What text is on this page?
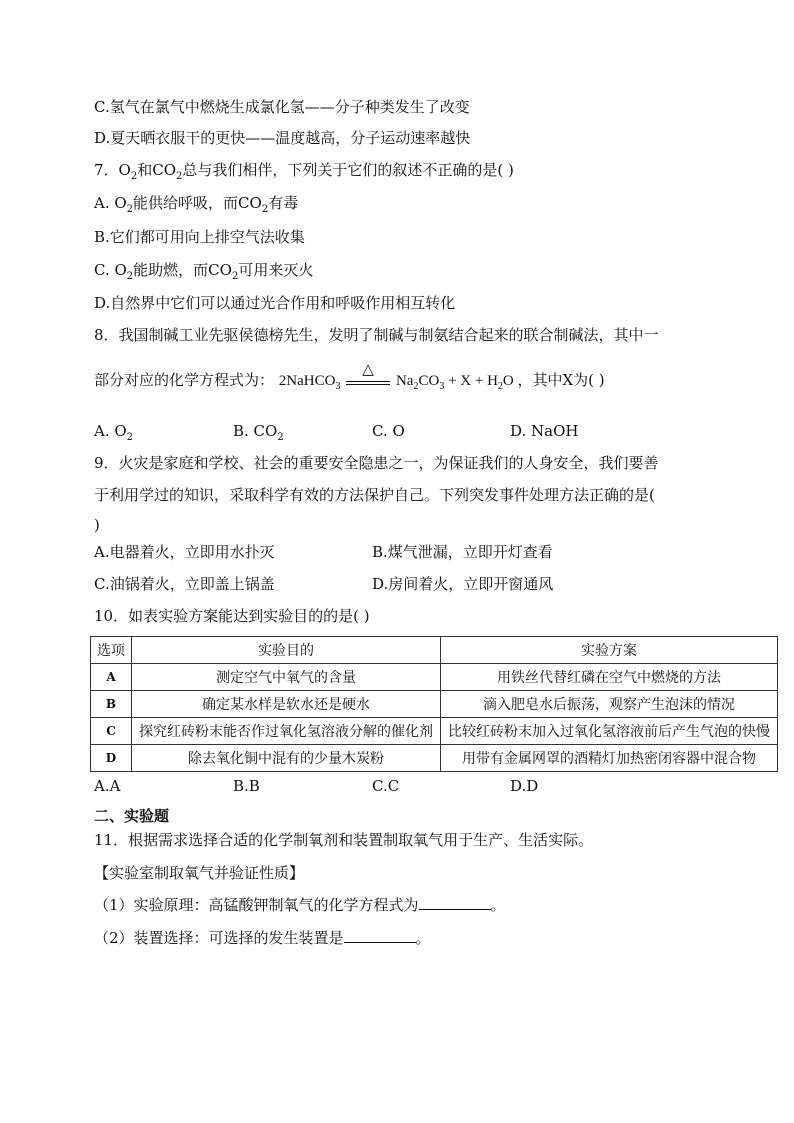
C.氢气在氯气中燃烧生成氯化氢——分子种类发生了改变
D.夏天晒衣服干的更快——温度越高，分子运动速率越快
7．$O_2$和$CO_2$总与我们相伴，下列关于它们的叙述不正确的是( )
A. $O_2$能供给呼吸，而$CO_2$有毒
B.它们都可用向上排空气法收集
C. $O_2$能助燃，而$CO_2$可用来灭火
D.自然界中它们可以通过光合作用和呼吸作用相互转化
8．我国制碱工业先驱侯德榜先生，发明了制碱与制氨结合起来的联合制碱法，其中一
部分对应的化学方程式为： 2NaHCO$_3$
△
$Na_2CO_3 + X + H_2O$ ，其中X为( )
A. $O_2$	B. $CO_2$	C. O	D. NaOH
9．火灾是家庭和学校、社会的重要安全隐患之一，为保证我们的人身安全，我们要善
于利用学过的知识，采取科学有效的方法保护自己。下列突发事件处理方法正确的是(
)
A.电器着火，立即用水扑灭	B.煤气泄漏，立即开灯查看
C.油锅着火，立即盖上锅盖	D.房间着火，立即开窗通风
10．如表实验方案能达到实验目的的是( )
选项	实验目的	实验方案
A	测定空气中氧气的含量	用铁丝代替红磷在空气中燃烧的方法
B	确定某水样是软水还是硬水	滴入肥皂水后振荡，观察产生泡沫的情况
C	探究红砖粉末能否作过氧化氢溶液分解的催化剂	比较红砖粉末加入过氧化氢溶液前后产生气泡的快慢
D	除去氧化铜中混有的少量木炭粉	用带有金属网罩的酒精灯加热密闭容器中混合物
A.A	B.B	C.C	D.D
二、实验题
11．根据需求选择合适的化学制氧剂和装置制取氧气用于生产、生活实际。
【实验室制取氧气并验证性质】
（1）实验原理：高锰酸钾制氧气的化学方程式为	。
（2）装置选择：可选择的发生装置是	。
